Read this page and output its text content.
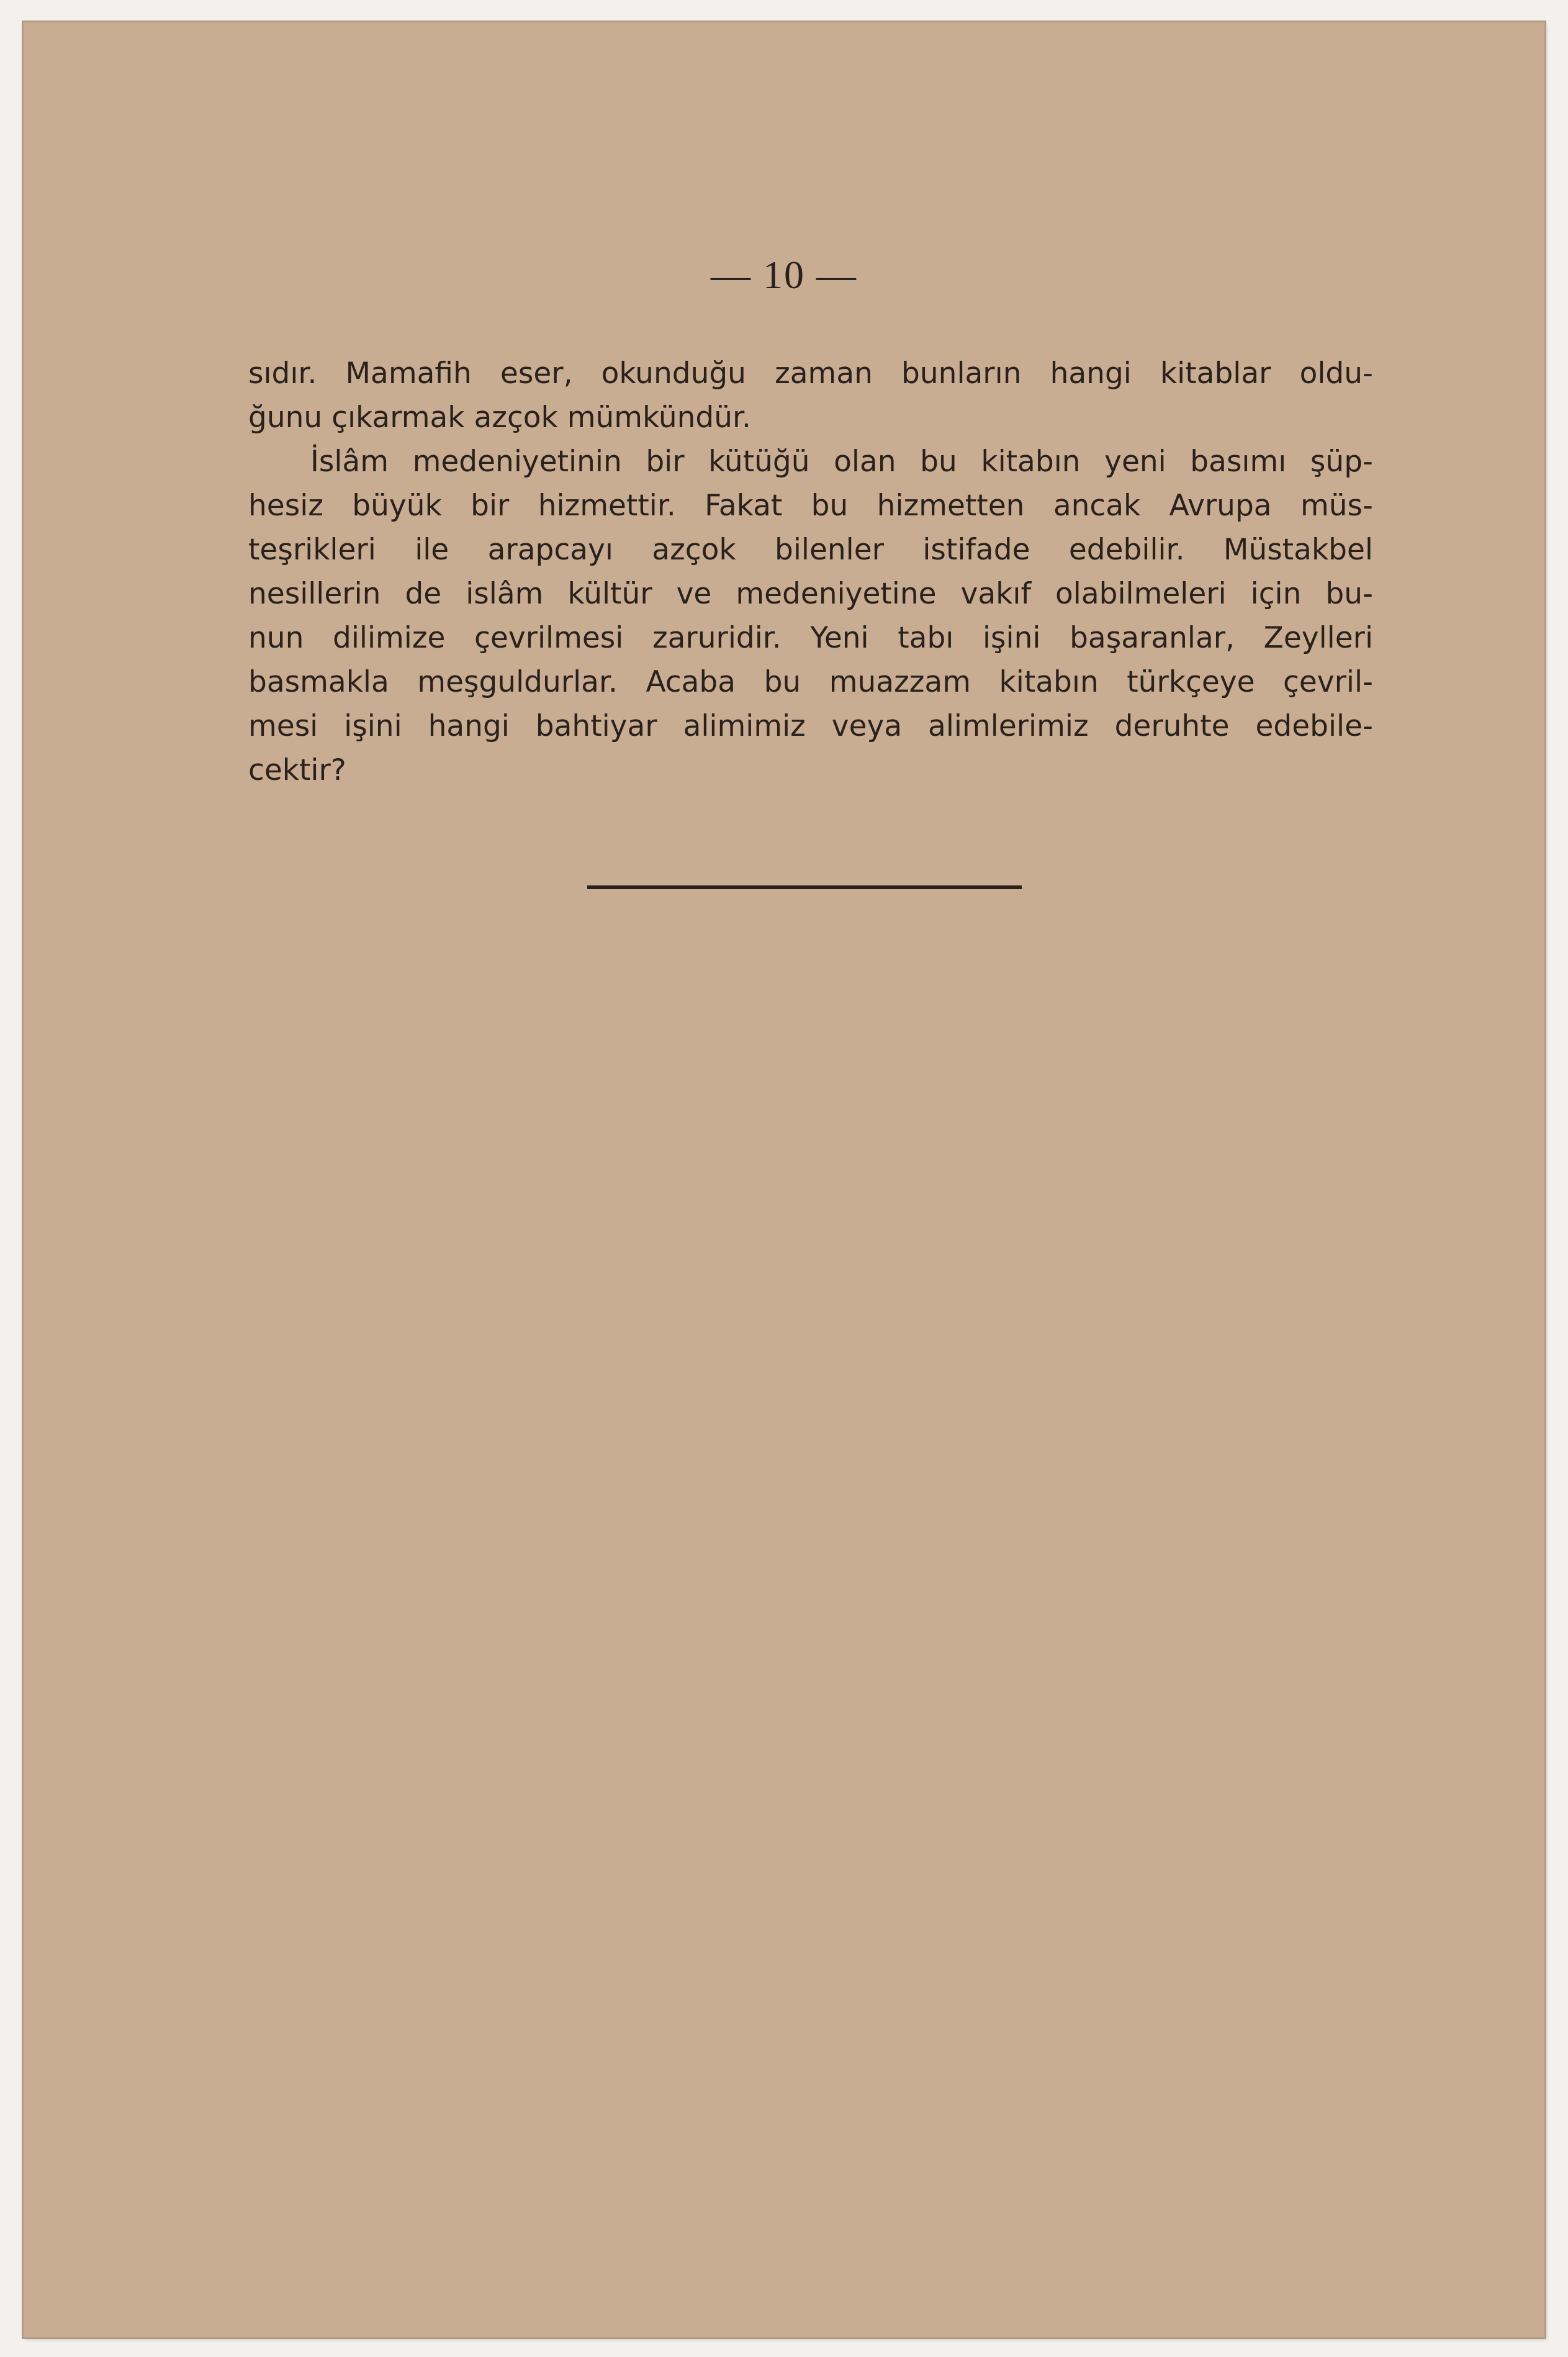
— 10 —
sıdır. Mamafih eser, okunduğu zaman bunların hangi kitablar oldu-
ğunu çıkarmak azçok mümkündür.
İslâm medeniyetinin bir kütüğü olan bu kitabın yeni basımı şüp-
hesiz büyük bir hizmettir. Fakat bu hizmetten ancak Avrupa müs-
teşrikleri ile arapcayı azçok bilenler istifade edebilir. Müstakbel
nesillerin de islâm kültür ve medeniyetine vakıf olabilmeleri için bu-
nun dilimize çevrilmesi zaruridir. Yeni tabı işini başaranlar, Zeylleri
basmakla meşguldurlar. Acaba bu muazzam kitabın türkçeye çevril-
mesi işini hangi bahtiyar alimimiz veya alimlerimiz deruhte edebile-
cektir?
